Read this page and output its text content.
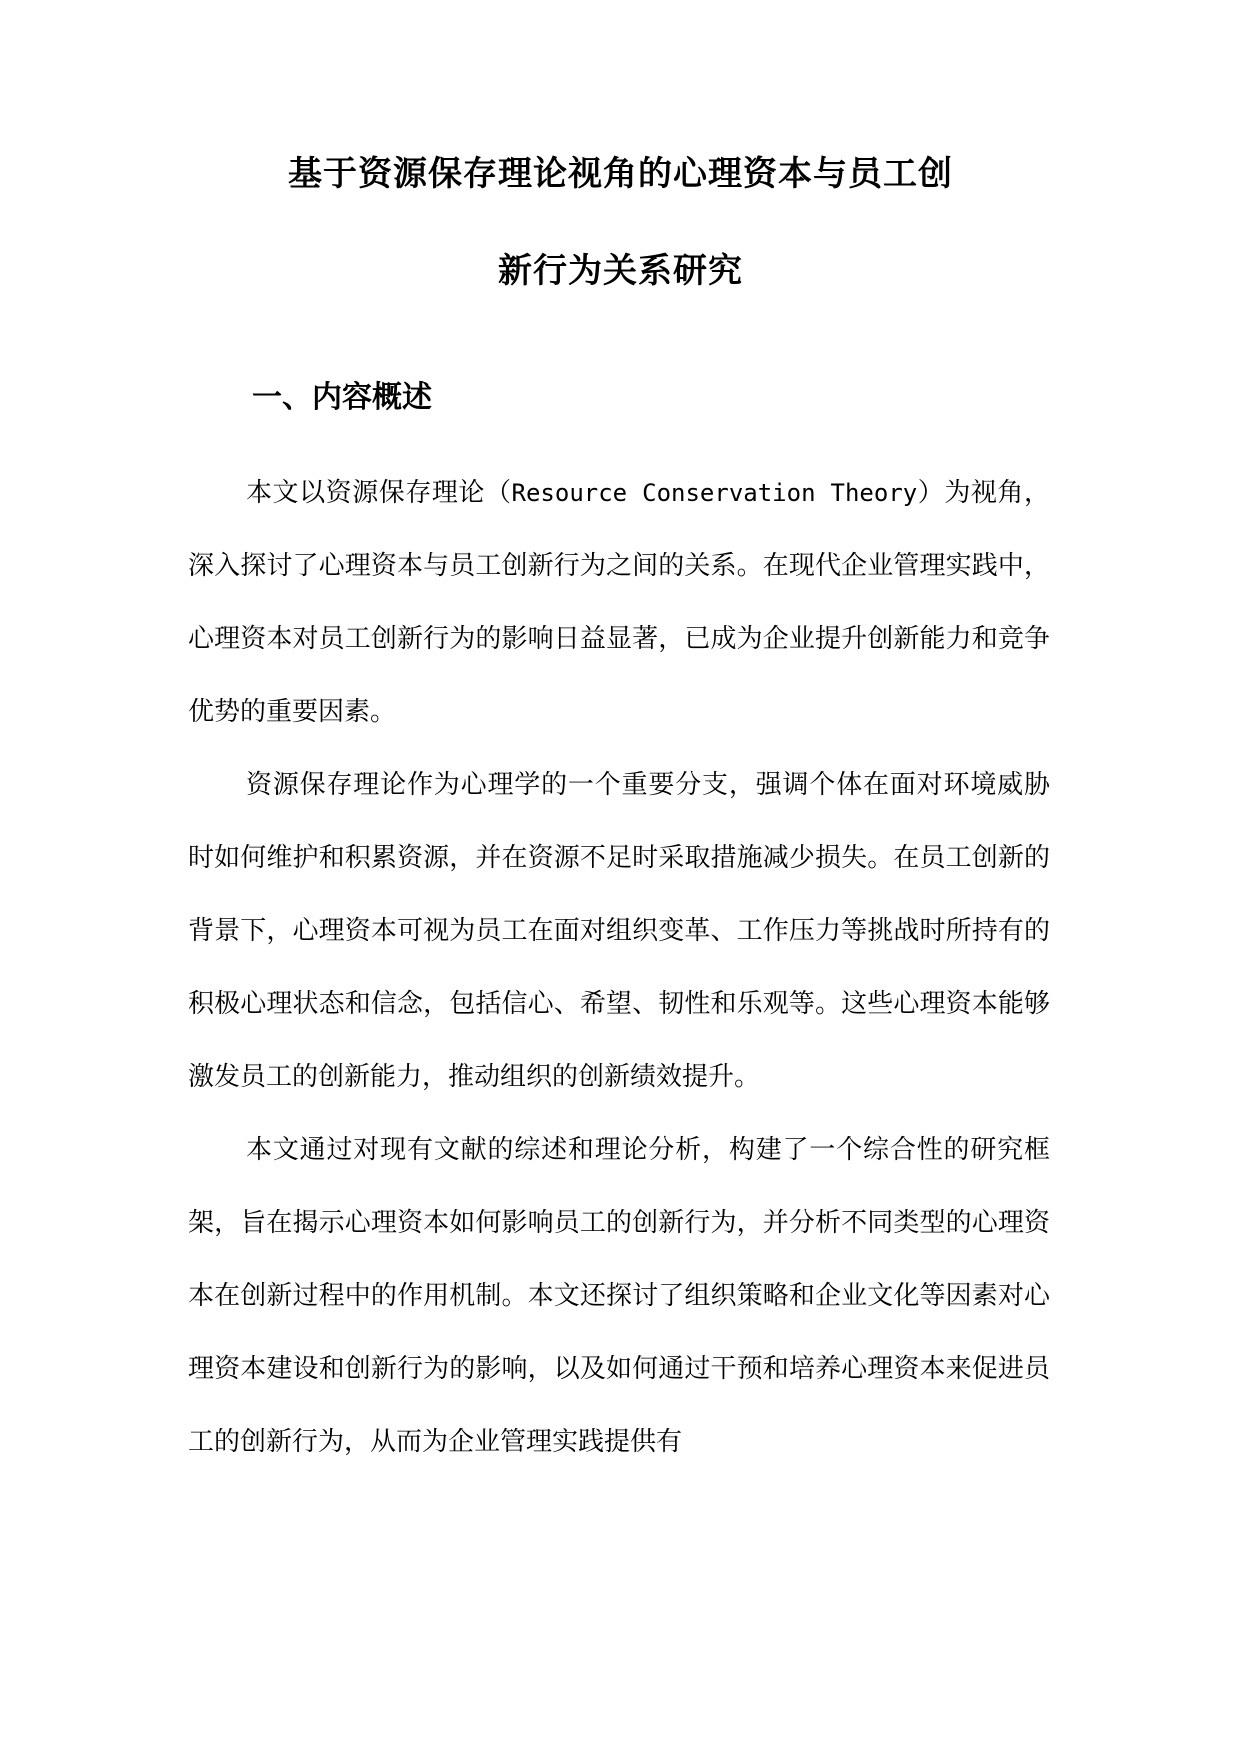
基于资源保存理论视角的心理资本与员工创
新行为关系研究
一、内容概述

本文以资源保存理论（Resource Conservation Theory）为视角，深入探讨了心理资本与员工创新行为之间的关系。在现代企业管理实践中，心理资本对员工创新行为的影响日益显著，已成为企业提升创新能力和竞争优势的重要因素。

资源保存理论作为心理学的一个重要分支，强调个体在面对环境威胁时如何维护和积累资源，并在资源不足时采取措施减少损失。在员工创新的背景下，心理资本可视为员工在面对组织变革、工作压力等挑战时所持有的积极心理状态和信念，包括信心、希望、韧性和乐观等。这些心理资本能够激发员工的创新能力，推动组织的创新绩效提升。

本文通过对现有文献的综述和理论分析，构建了一个综合性的研究框架，旨在揭示心理资本如何影响员工的创新行为，并分析不同类型的心理资本在创新过程中的作用机制。本文还探讨了组织策略和企业文化等因素对心理资本建设和创新行为的影响，以及如何通过干预和培养心理资本来促进员工的创新行为，从而为企业管理实践提供有
